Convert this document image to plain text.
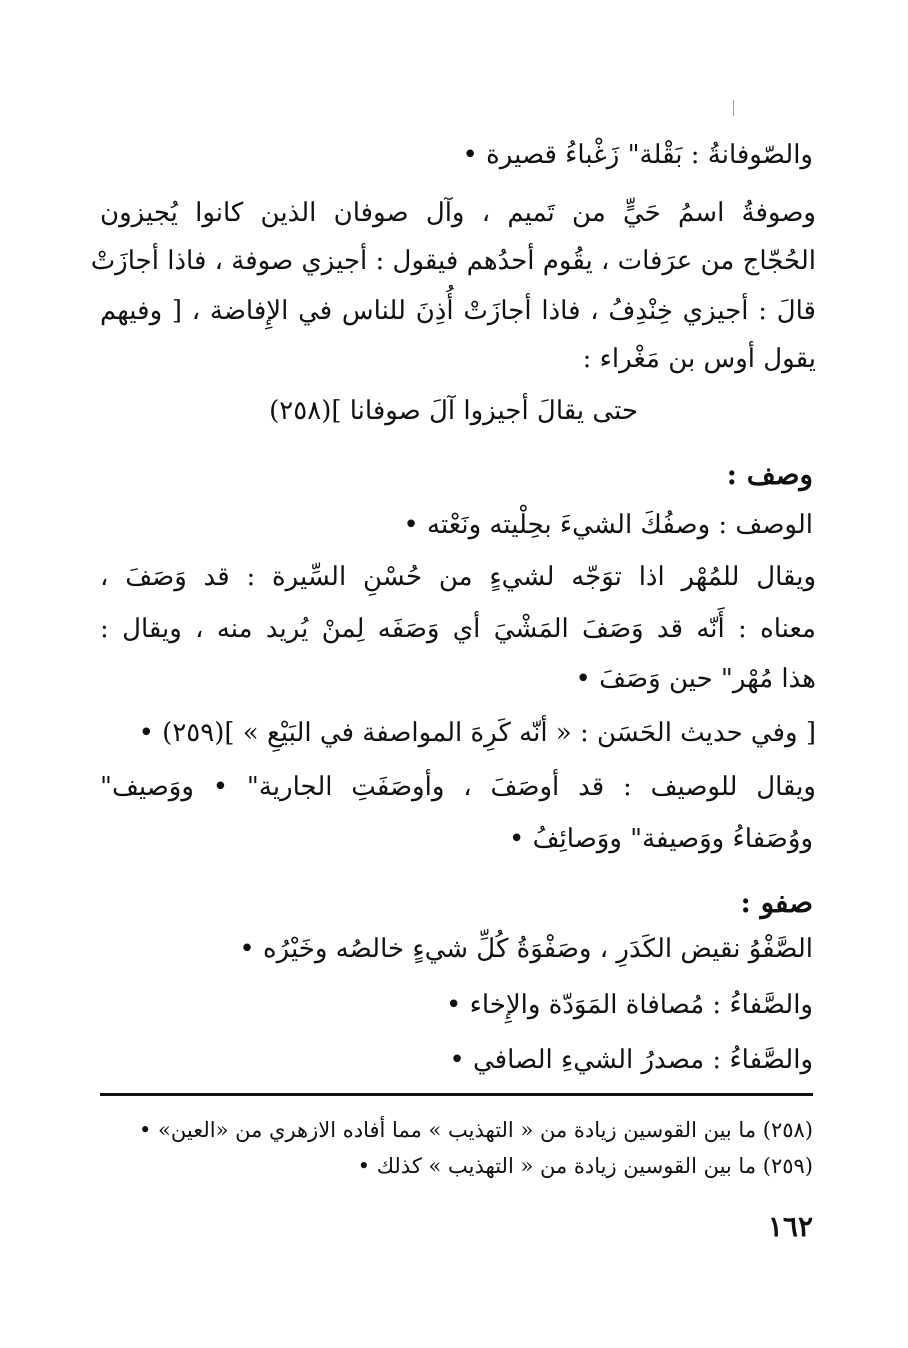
والصّوفانةُ : بَقْلة" زَغْباءُ قصيرة •
وصوفةُ اسمُ حَيٍّ من تَميم ، وآل صوفان الذين كانوا يُجيزون
الحُجّاج من عرَفات ، يقُوم أحدُهم فيقول : أجيزي صوفة ، فاذا أجازَتْ
قالَ : أجيزي خِنْدِفُ ، فاذا أجازَتْ أُذِنَ للناس في الإِفاضة ، [ وفيهم
يقول أوس بن مَغْراء :
حتى يقالَ أجيزوا آلَ صوفانا ](٢٥٨)
وصف :
الوصف : وصفُكَ الشيءَ بحِلْيته ونَعْته •
ويقال للمُهْر اذا توَجّه لشيءٍ من حُسْنِ السِّيرة : قد وَصَفَ ،
معناه : أَنّه قد وَصَفَ المَشْيَ أي وَصَفَه لِمنْ يُريد منه ، ويقال :
هذا مُهْر" حين وَصَفَ •
[ وفي حديث الحَسَن : « أنّه كَرِهَ المواصفة في البَيْعِ » ](٢٥٩) •
ويقال للوصيف : قد أوصَفَ ، وأوصَفَتِ الجارية" • ووَصيف"
ووُصَفاءُ ووَصيفة" ووَصائِفُ •
صفو :
الصَّفْوُ نقيض الكَدَرِ ، وصَفْوَةُ كُلِّ شيءٍ خالصُه وخَيْرُه •
والصَّفاءُ : مُصافاة المَوَدّة والإِخاء •
والصَّفاءُ : مصدرُ الشيءِ الصافي •
(٢٥٨) ما بين القوسين زيادة من « التهذيب » مما أفاده الازهري من «العين» •
(٢٥٩) ما بين القوسين زيادة من « التهذيب » كذلك •
١٦٢
